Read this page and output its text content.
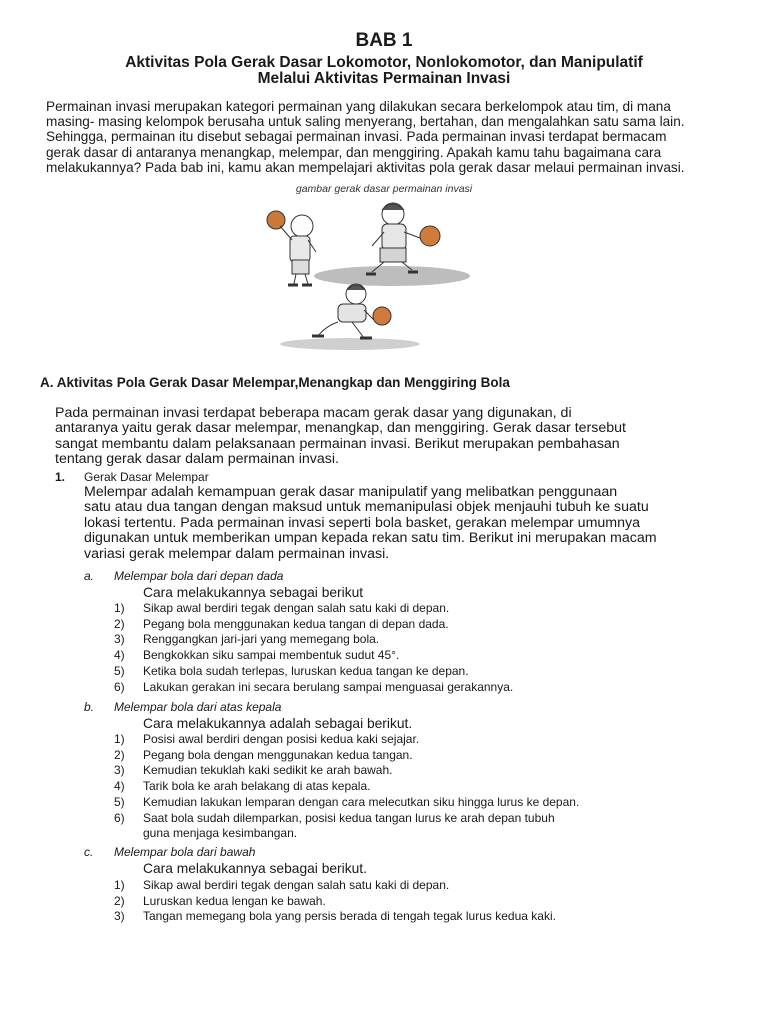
BAB 1
Aktivitas Pola Gerak Dasar Lokomotor, Nonlokomotor, dan Manipulatif
Melalui Aktivitas Permainan Invasi
Permainan invasi merupakan kategori permainan yang dilakukan secara berkelompok atau tim, di mana
masing- masing kelompok berusaha untuk saling menyerang, bertahan, dan mengalahkan satu sama lain.
Sehingga, permainan itu disebut sebagai permainan invasi. Pada permainan invasi terdapat bermacam
gerak dasar di antaranya menangkap, melempar, dan menggiring. Apakah kamu tahu bagaimana cara
melakukannya? Pada bab ini, kamu akan mempelajari aktivitas pola gerak dasar melaui permainan invasi.
gambar gerak dasar permainan invasi
A. Aktivitas Pola Gerak Dasar Melempar,Menangkap dan Menggiring Bola
Pada permainan invasi terdapat beberapa macam gerak dasar yang digunakan, di
antaranya yaitu gerak dasar melempar, menangkap, dan menggiring. Gerak dasar tersebut
sangat membantu dalam pelaksanaan permainan invasi. Berikut merupakan pembahasan
tentang gerak dasar dalam permainan invasi.
1. Gerak Dasar Melempar
Melempar adalah kemampuan gerak dasar manipulatif yang melibatkan penggunaan
satu atau dua tangan dengan maksud untuk memanipulasi objek menjauhi tubuh ke suatu
lokasi tertentu. Pada permainan invasi seperti bola basket, gerakan melempar umumnya
digunakan untuk memberikan umpan kepada rekan satu tim. Berikut ini merupakan macam
variasi gerak melempar dalam permainan invasi.
a. Melempar bola dari depan dada
Cara melakukannya sebagai berikut
1) Sikap awal berdiri tegak dengan salah satu kaki di depan.
2) Pegang bola menggunakan kedua tangan di depan dada.
3) Renggangkan jari-jari yang memegang bola.
4) Bengkokkan siku sampai membentuk sudut 45°.
5) Ketika bola sudah terlepas, luruskan kedua tangan ke depan.
6) Lakukan gerakan ini secara berulang sampai menguasai gerakannya.
b. Melempar bola dari atas kepala
Cara melakukannya adalah sebagai berikut.
1) Posisi awal berdiri dengan posisi kedua kaki sejajar.
2) Pegang bola dengan menggunakan kedua tangan.
3) Kemudian tekuklah kaki sedikit ke arah bawah.
4) Tarik bola ke arah belakang di atas kepala.
5) Kemudian lakukan lemparan dengan cara melecutkan siku hingga lurus ke depan.
6) Saat bola sudah dilemparkan, posisi kedua tangan lurus ke arah depan tubuh
guna menjaga kesimbangan.
c. Melempar bola dari bawah
Cara melakukannya sebagai berikut.
1) Sikap awal berdiri tegak dengan salah satu kaki di depan.
2) Luruskan kedua lengan ke bawah.
3) Tangan memegang bola yang persis berada di tengah tegak lurus kedua kaki.
